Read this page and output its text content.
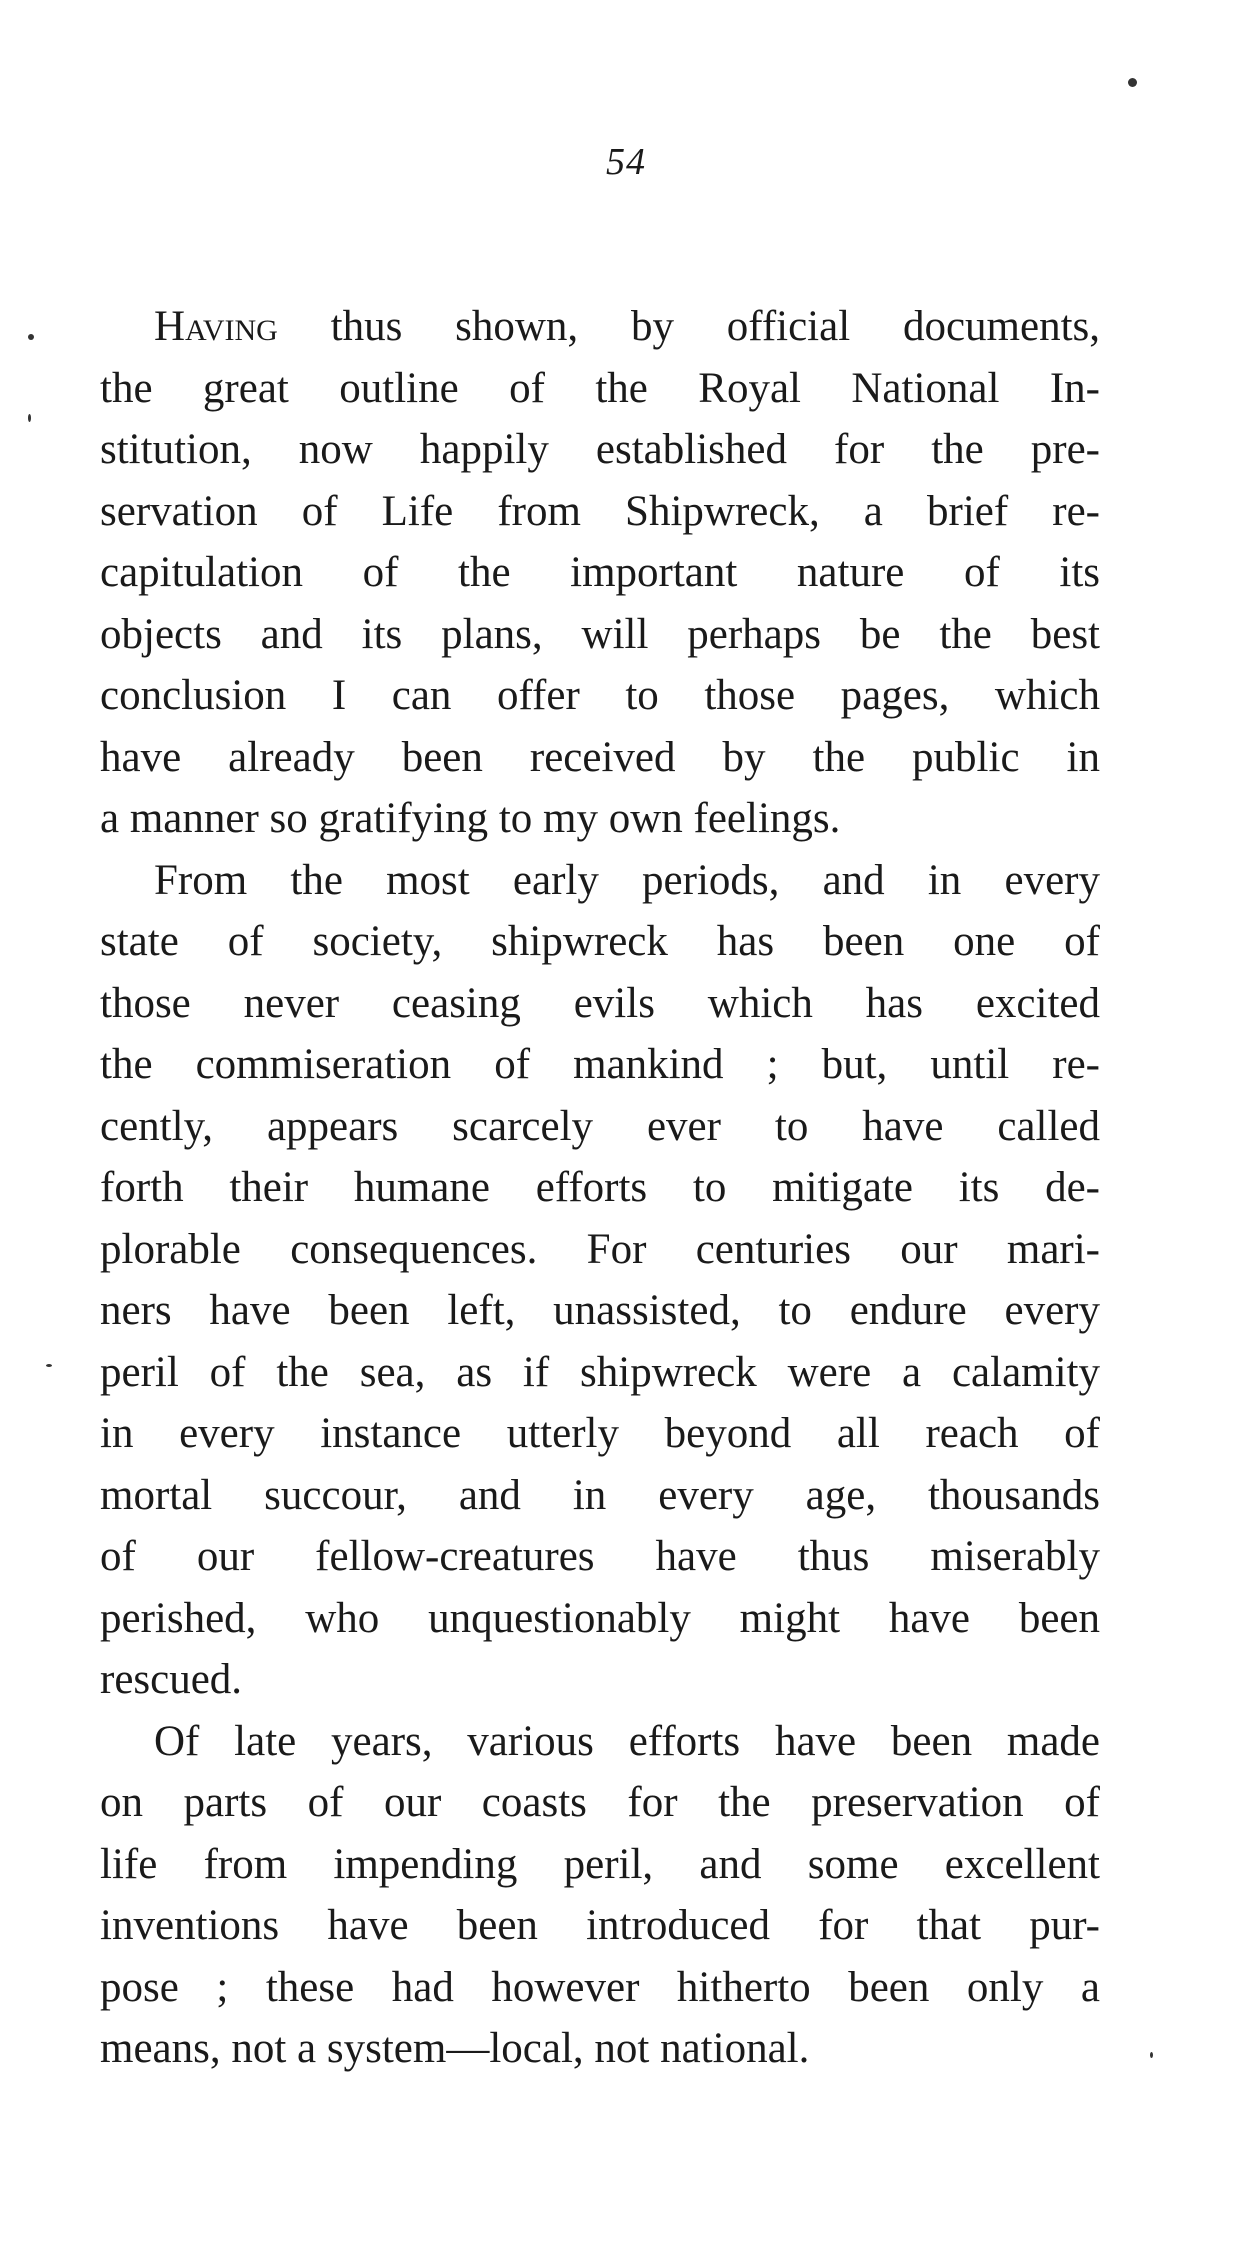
54
Having thus shown, by official documents,
the great outline of the Royal National In-
stitution, now happily established for the pre-
servation of Life from Shipwreck, a brief re-
capitulation of the important nature of its
objects and its plans, will perhaps be the best
conclusion I can offer to those pages, which
have already been received by the public in
a manner so gratifying to my own feelings.
From the most early periods, and in every
state of society, shipwreck has been one of
those never ceasing evils which has excited
the commiseration of mankind ; but, until re-
cently, appears scarcely ever to have called
forth their humane efforts to mitigate its de-
plorable consequences. For centuries our mari-
ners have been left, unassisted, to endure every
peril of the sea, as if shipwreck were a calamity
in every instance utterly beyond all reach of
mortal succour, and in every age, thousands
of our fellow-creatures have thus miserably
perished, who unquestionably might have been
rescued.
Of late years, various efforts have been made
on parts of our coasts for the preservation of
life from impending peril, and some excellent
inventions have been introduced for that pur-
pose ; these had however hitherto been only a
means, not a system—local, not national.
